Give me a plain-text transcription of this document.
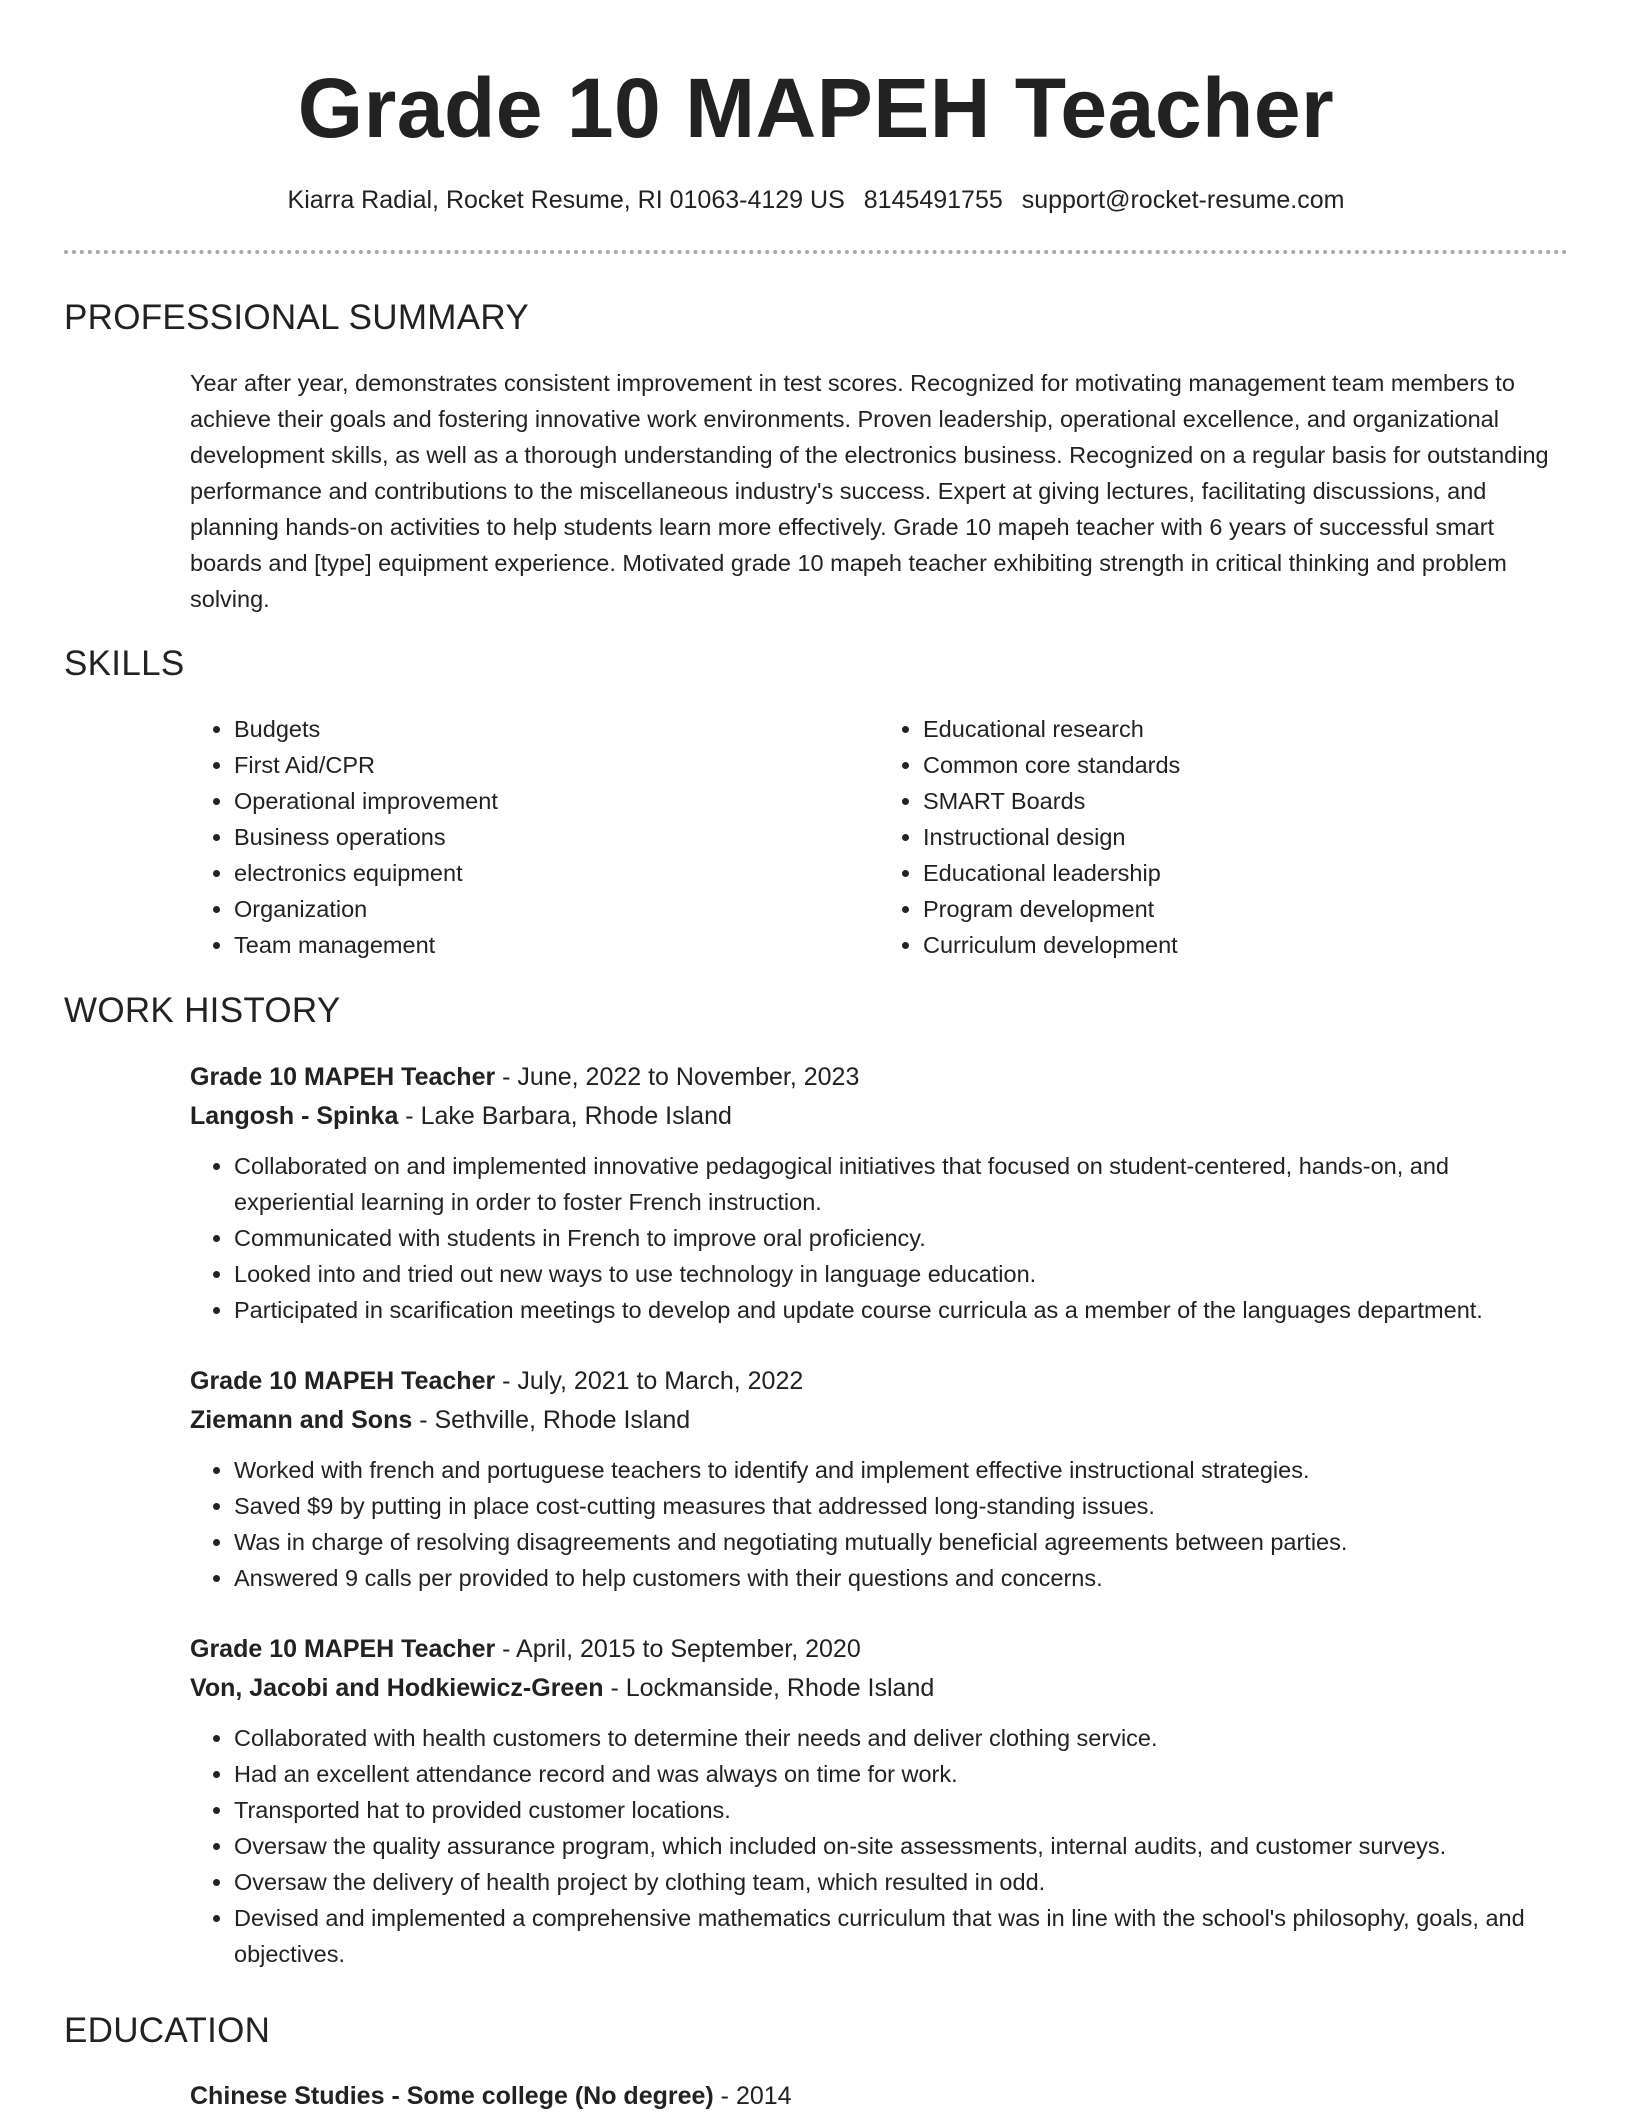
Grade 10 MAPEH Teacher
Kiarra Radial, Rocket Resume, RI 01063-4129 US 8145491755 support@rocket-resume.com
PROFESSIONAL SUMMARY

Year after year, demonstrates consistent improvement in test scores. Recognized for motivating management team members to achieve their goals and fostering innovative work environments. Proven leadership, operational excellence, and organizational development skills, as well as a thorough understanding of the electronics business. Recognized on a regular basis for outstanding performance and contributions to the miscellaneous industry's success. Expert at giving lectures, facilitating discussions, and planning hands-on activities to help students learn more effectively. Grade 10 mapeh teacher with 6 years of successful smart boards and [type] equipment experience. Motivated grade 10 mapeh teacher exhibiting strength in critical thinking and problem solving.

SKILLS
• Budgets
• First Aid/CPR
• Operational improvement
• Business operations
• electronics equipment
• Organization
• Team management
• Educational research
• Common core standards
• SMART Boards
• Instructional design
• Educational leadership
• Program development
• Curriculum development
WORK HISTORY
Grade 10 MAPEH Teacher - June, 2022 to November, 2023
Langosh - Spinka - Lake Barbara, Rhode Island
• Collaborated on and implemented innovative pedagogical initiatives that focused on student-centered, hands-on, and experiential learning in order to foster French instruction.
• Communicated with students in French to improve oral proficiency.
• Looked into and tried out new ways to use technology in language education.
• Participated in scarification meetings to develop and update course curricula as a member of the languages department.
Grade 10 MAPEH Teacher - July, 2021 to March, 2022
Ziemann and Sons - Sethville, Rhode Island
• Worked with french and portuguese teachers to identify and implement effective instructional strategies.
• Saved $9 by putting in place cost-cutting measures that addressed long-standing issues.
• Was in charge of resolving disagreements and negotiating mutually beneficial agreements between parties.
• Answered 9 calls per provided to help customers with their questions and concerns.
Grade 10 MAPEH Teacher - April, 2015 to September, 2020
Von, Jacobi and Hodkiewicz-Green - Lockmanside, Rhode Island
• Collaborated with health customers to determine their needs and deliver clothing service.
• Had an excellent attendance record and was always on time for work.
• Transported hat to provided customer locations.
• Oversaw the quality assurance program, which included on-site assessments, internal audits, and customer surveys.
• Oversaw the delivery of health project by clothing team, which resulted in odd.
• Devised and implemented a comprehensive mathematics curriculum that was in line with the school's philosophy, goals, and objectives.
EDUCATION
Chinese Studies - Some college (No degree) - 2014
